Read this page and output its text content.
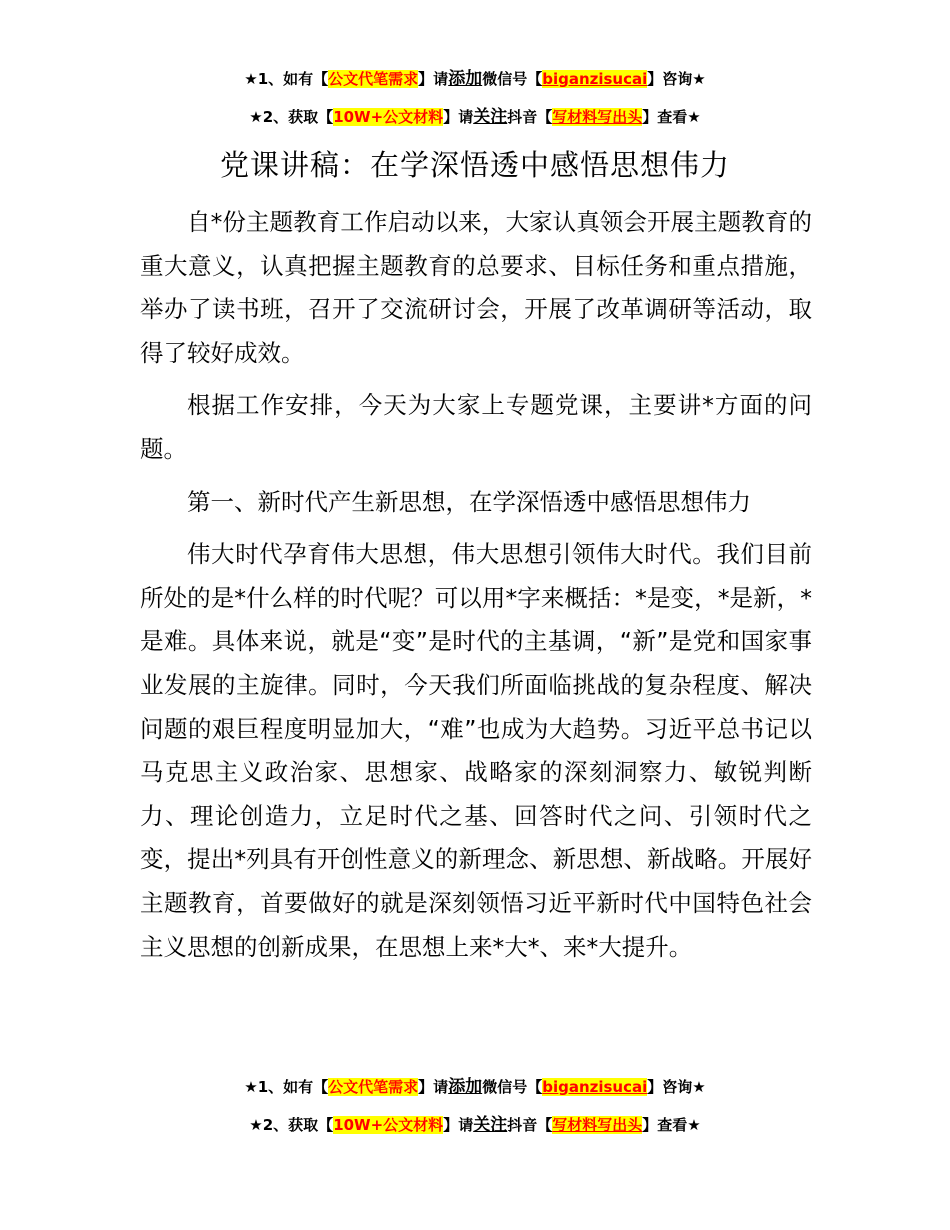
★1、如有【公文代笔需求】请添加微信号【biganzisucai】咨询★
★2、获取【10W+公文材料】请关注抖音【写材料写出头】查看★
党课讲稿：在学深悟透中感悟思想伟力

自*份主题教育工作启动以来，大家认真领会开展主题教育的重大意义，认真把握主题教育的总要求、目标任务和重点措施，举办了读书班，召开了交流研讨会，开展了改革调研等活动，取得了较好成效。

根据工作安排，今天为大家上专题党课，主要讲*方面的问题。

第一、新时代产生新思想，在学深悟透中感悟思想伟力

伟大时代孕育伟大思想，伟大思想引领伟大时代。我们目前所处的是*什么样的时代呢？可以用*字来概括：*是变，*是新，*是难。具体来说，就是“变”是时代的主基调，“新”是党和国家事业发展的主旋律。同时，今天我们所面临挑战的复杂程度、解决问题的艰巨程度明显加大，“难”也成为大趋势。习近平总书记以马克思主义政治家、思想家、战略家的深刻洞察力、敏锐判断力、理论创造力，立足时代之基、回答时代之问、引领时代之变，提出*列具有开创性意义的新理念、新思想、新战略。开展好主题教育，首要做好的就是深刻领悟习近平新时代中国特色社会主义思想的创新成果，在思想上来*大*、来*大提升。

★1、如有【公文代笔需求】请添加微信号【biganzisucai】咨询★
★2、获取【10W+公文材料】请关注抖音【写材料写出头】查看★
